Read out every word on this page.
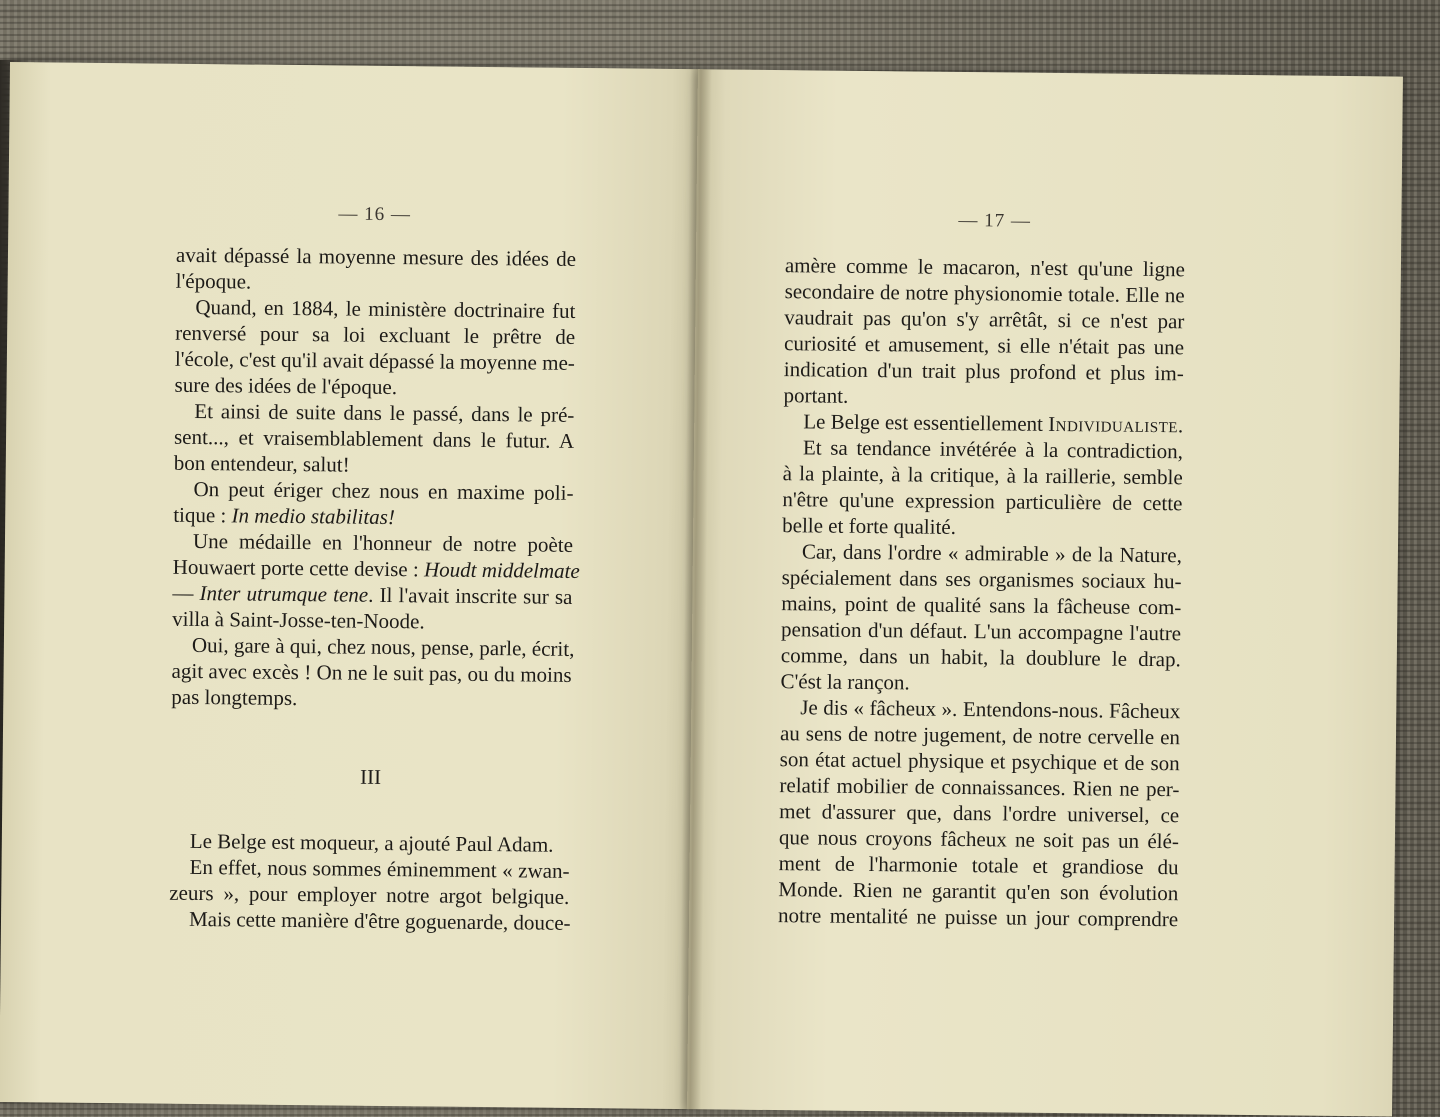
— 16 —	— 17 —
avait dépassé la moyenne mesure des idées de
l'époque.
Quand, en 1884, le ministère doctrinaire fut
renversé pour sa loi excluant le prêtre de
l'école, c'est qu'il avait dépassé la moyenne me-
sure des idées de l'époque.
Et ainsi de suite dans le passé, dans le pré-
sent..., et vraisemblablement dans le futur. A
bon entendeur, salut!
On peut ériger chez nous en maxime poli-
tique : In medio stabilitas!
Une médaille en l'honneur de notre poète
Houwaert porte cette devise : Houdt middelmate
— Inter utrumque tene. Il l'avait inscrite sur sa
villa à Saint-Josse-ten-Noode.
Oui, gare à qui, chez nous, pense, parle, écrit,
agit avec excès ! On ne le suit pas, ou du moins
pas longtemps.
III
Le Belge est moqueur, a ajouté Paul Adam.
En effet, nous sommes éminemment « zwan-
zeurs », pour employer notre argot belgique.
Mais cette manière d'être goguenarde, douce-
amère comme le macaron, n'est qu'une ligne
secondaire de notre physionomie totale. Elle ne
vaudrait pas qu'on s'y arrêtât, si ce n'est par
curiosité et amusement, si elle n'était pas une
indication d'un trait plus profond et plus im-
portant.
Le Belge est essentiellement Individualiste.
Et sa tendance invétérée à la contradiction,
à la plainte, à la critique, à la raillerie, semble
n'être qu'une expression particulière de cette
belle et forte qualité.
Car, dans l'ordre « admirable » de la Nature,
spécialement dans ses organismes sociaux hu-
mains, point de qualité sans la fâcheuse com-
pensation d'un défaut. L'un accompagne l'autre
comme, dans un habit, la doublure le drap.
C'ést la rançon.
Je dis « fâcheux ». Entendons-nous. Fâcheux
au sens de notre jugement, de notre cervelle en
son état actuel physique et psychique et de son
relatif mobilier de connaissances. Rien ne per-
met d'assurer que, dans l'ordre universel, ce
que nous croyons fâcheux ne soit pas un élé-
ment de l'harmonie totale et grandiose du
Monde. Rien ne garantit qu'en son évolution
notre mentalité ne puisse un jour comprendre
